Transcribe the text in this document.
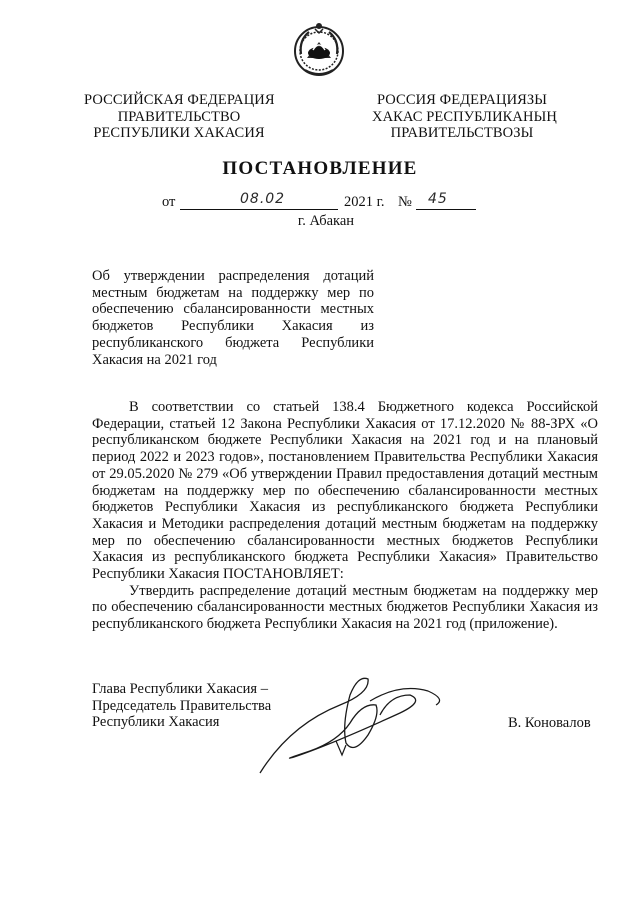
РОССИЙСКАЯ ФЕДЕРАЦИЯ
ПРАВИТЕЛЬСТВО
РЕСПУБЛИКИ ХАКАСИЯ
РОССИЯ ФЕДЕРАЦИЯЗЫ
ХАКАС РЕСПУБЛИКАНЫҢ
ПРАВИТЕЛЬСТВОЗЫ
ПОСТАНОВЛЕНИЕ
от	08.02	2021 г. № 45
г. Абакан

Об утверждении распределения дотаций местным бюджетам на поддержку мер по обеспечению сбалансированности местных бюджетов Республики Хакасия из республиканского бюджета Республики Хакасия на 2021 год

В соответствии со статьей 138.4 Бюджетного кодекса Российской Федерации, статьей 12 Закона Республики Хакасия от 17.12.2020 № 88-ЗРХ «О республиканском бюджете Республики Хакасия на 2021 год и на плановый период 2022 и 2023 годов», постановлением Правительства Республики Хакасия от 29.05.2020 № 279 «Об утверждении Правил предоставления дотаций местным бюджетам на поддержку мер по обеспечению сбалансированности местных бюджетов Республики Хакасия из республиканского бюджета Республики Хакасия и Методики распределения дотаций местным бюджетам на поддержку мер по обеспечению сбалансированности местных бюджетов Республики Хакасия из республиканского бюджета Республики Хакасия» Правительство Республики Хакасия ПОСТАНОВЛЯЕТ:

Утвердить распределение дотаций местным бюджетам на поддержку мер по обеспечению сбалансированности местных бюджетов Республики Хакасия из республиканского бюджета Республики Хакасия на 2021 год (приложение).

Глава Республики Хакасия –
Председатель Правительства
Республики Хакасия	В. Коновалов
